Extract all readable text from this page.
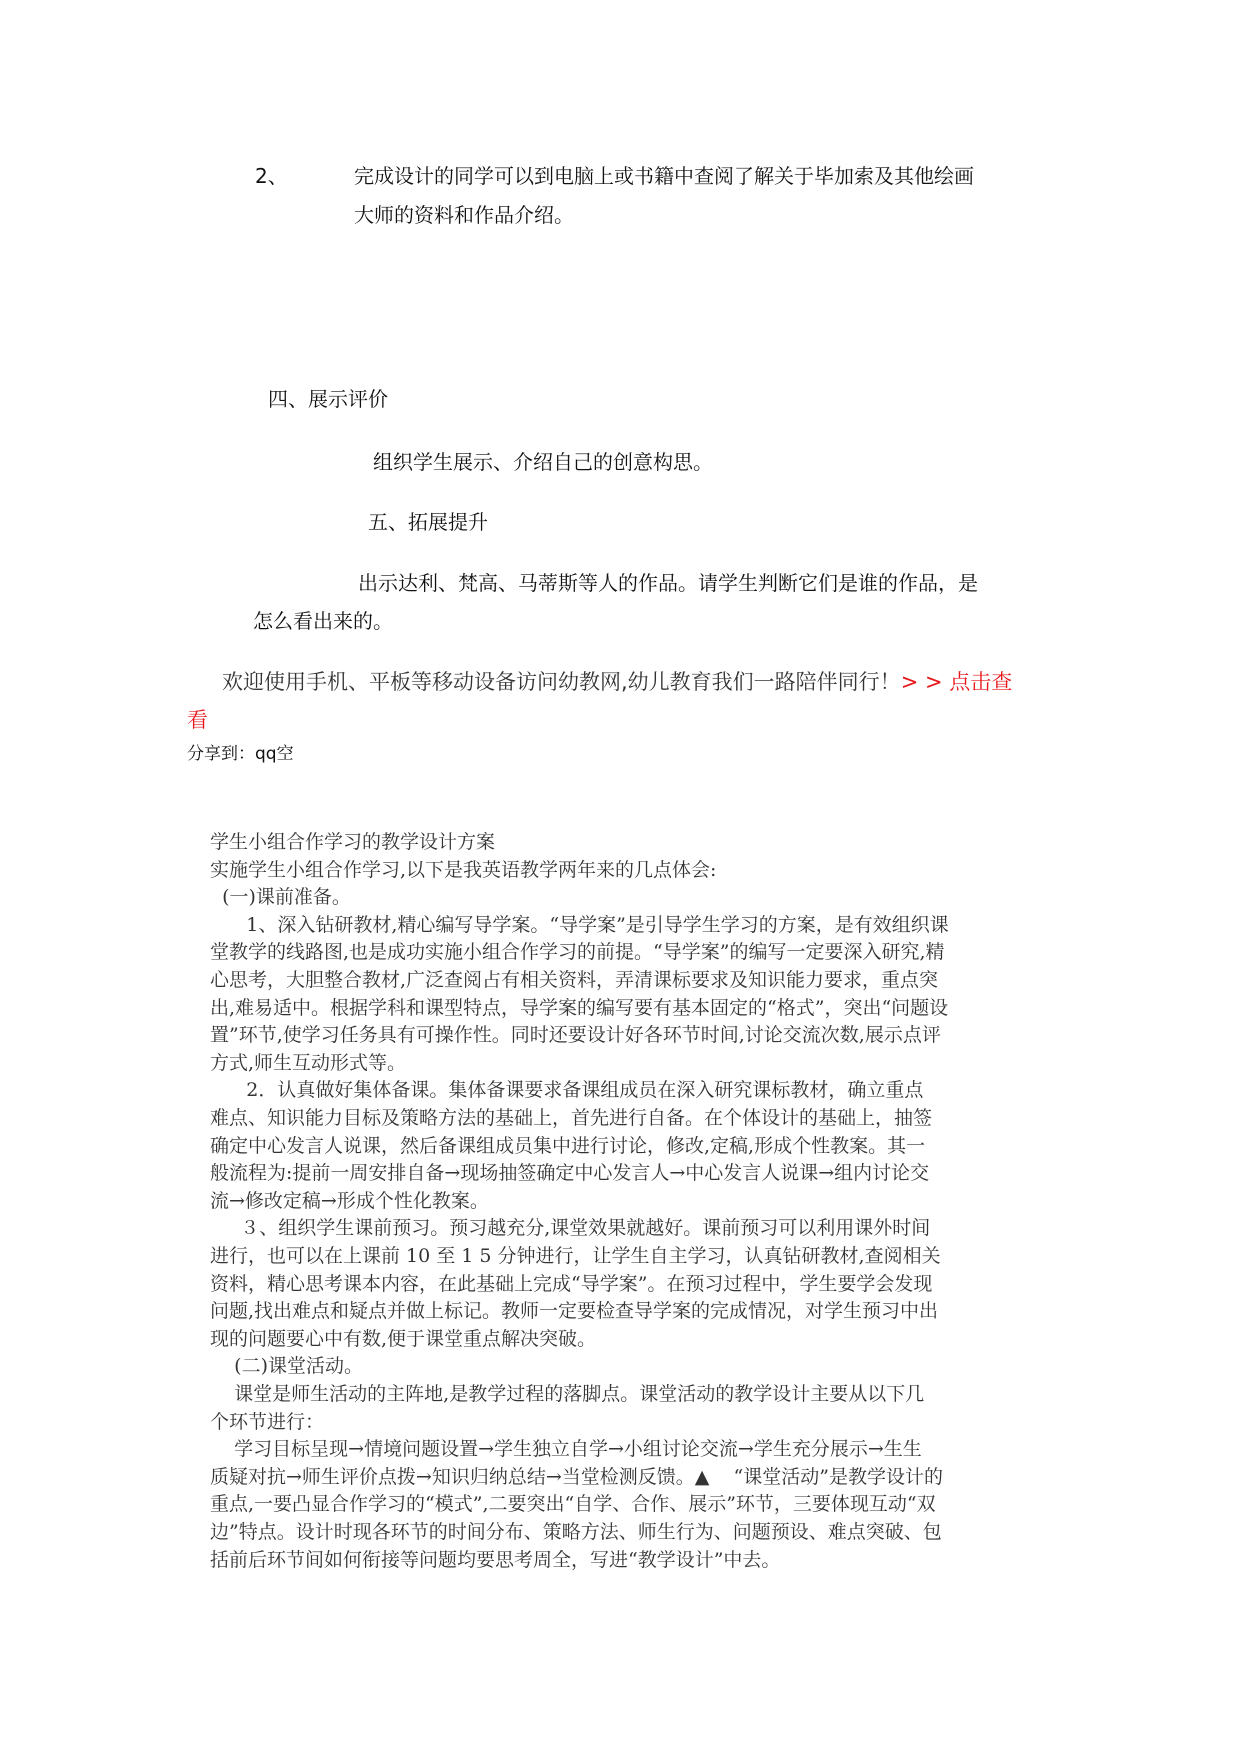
2、	完成设计的同学可以到电脑上或书籍中查阅了解关于毕加索及其他绘画
大师的资料和作品介绍。
四、展示评价
组织学生展示、介绍自己的创意构思。
五、拓展提升
出示达利、梵高、马蒂斯等人的作品。请学生判断它们是谁的作品，是
怎么看出来的。
欢迎使用手机、平板等移动设备访问幼教网,幼儿教育我们一路陪伴同行！> > 点击查
看
分享到：qq空
学生小组合作学习的教学设计方案
实施学生小组合作学习,以下是我英语教学两年来的几点体会:
(一)课前准备。
1、深入钻研教材,精心编写导学案。“导学案”是引导学生学习的方案，是有效组织课
堂教学的线路图,也是成功实施小组合作学习的前提。“导学案”的编写一定要深入研究,精
心思考，大胆整合教材,广泛查阅占有相关资料，弄清课标要求及知识能力要求，重点突
出,难易适中。根据学科和课型特点，导学案的编写要有基本固定的“格式”，突出“问题设
置”环节,使学习任务具有可操作性。同时还要设计好各环节时间,讨论交流次数,展示点评
方式,师生互动形式等。
2．认真做好集体备课。集体备课要求备课组成员在深入研究课标教材，确立重点
难点、知识能力目标及策略方法的基础上，首先进行自备。在个体设计的基础上，抽签
确定中心发言人说课，然后备课组成员集中进行讨论，修改,定稿,形成个性教案。其一
般流程为:提前一周安排自备→现场抽签确定中心发言人→中心发言人说课→组内讨论交
流→修改定稿→形成个性化教案。
３、组织学生课前预习。预习越充分,课堂效果就越好。课前预习可以利用课外时间
进行，也可以在上课前 10 至 1 5 分钟进行，让学生自主学习，认真钻研教材,查阅相关
资料，精心思考课本内容，在此基础上完成“导学案”。在预习过程中，学生要学会发现
问题,找出难点和疑点并做上标记。教师一定要检查导学案的完成情况，对学生预习中出
现的问题要心中有数,便于课堂重点解决突破。
(二)课堂活动。
课堂是师生活动的主阵地,是教学过程的落脚点。课堂活动的教学设计主要从以下几
个环节进行：
学习目标呈现→情境问题设置→学生独立自学→小组讨论交流→学生充分展示→生生
质疑对抗→师生评价点拨→知识归纳总结→当堂检测反馈。▲    “课堂活动”是教学设计的
重点,一要凸显合作学习的“模式”,二要突出“自学、合作、展示”环节，三要体现互动“双
边”特点。设计时现各环节的时间分布、策略方法、师生行为、问题预设、难点突破、包
括前后环节间如何衔接等问题均要思考周全，写进“教学设计”中去。
